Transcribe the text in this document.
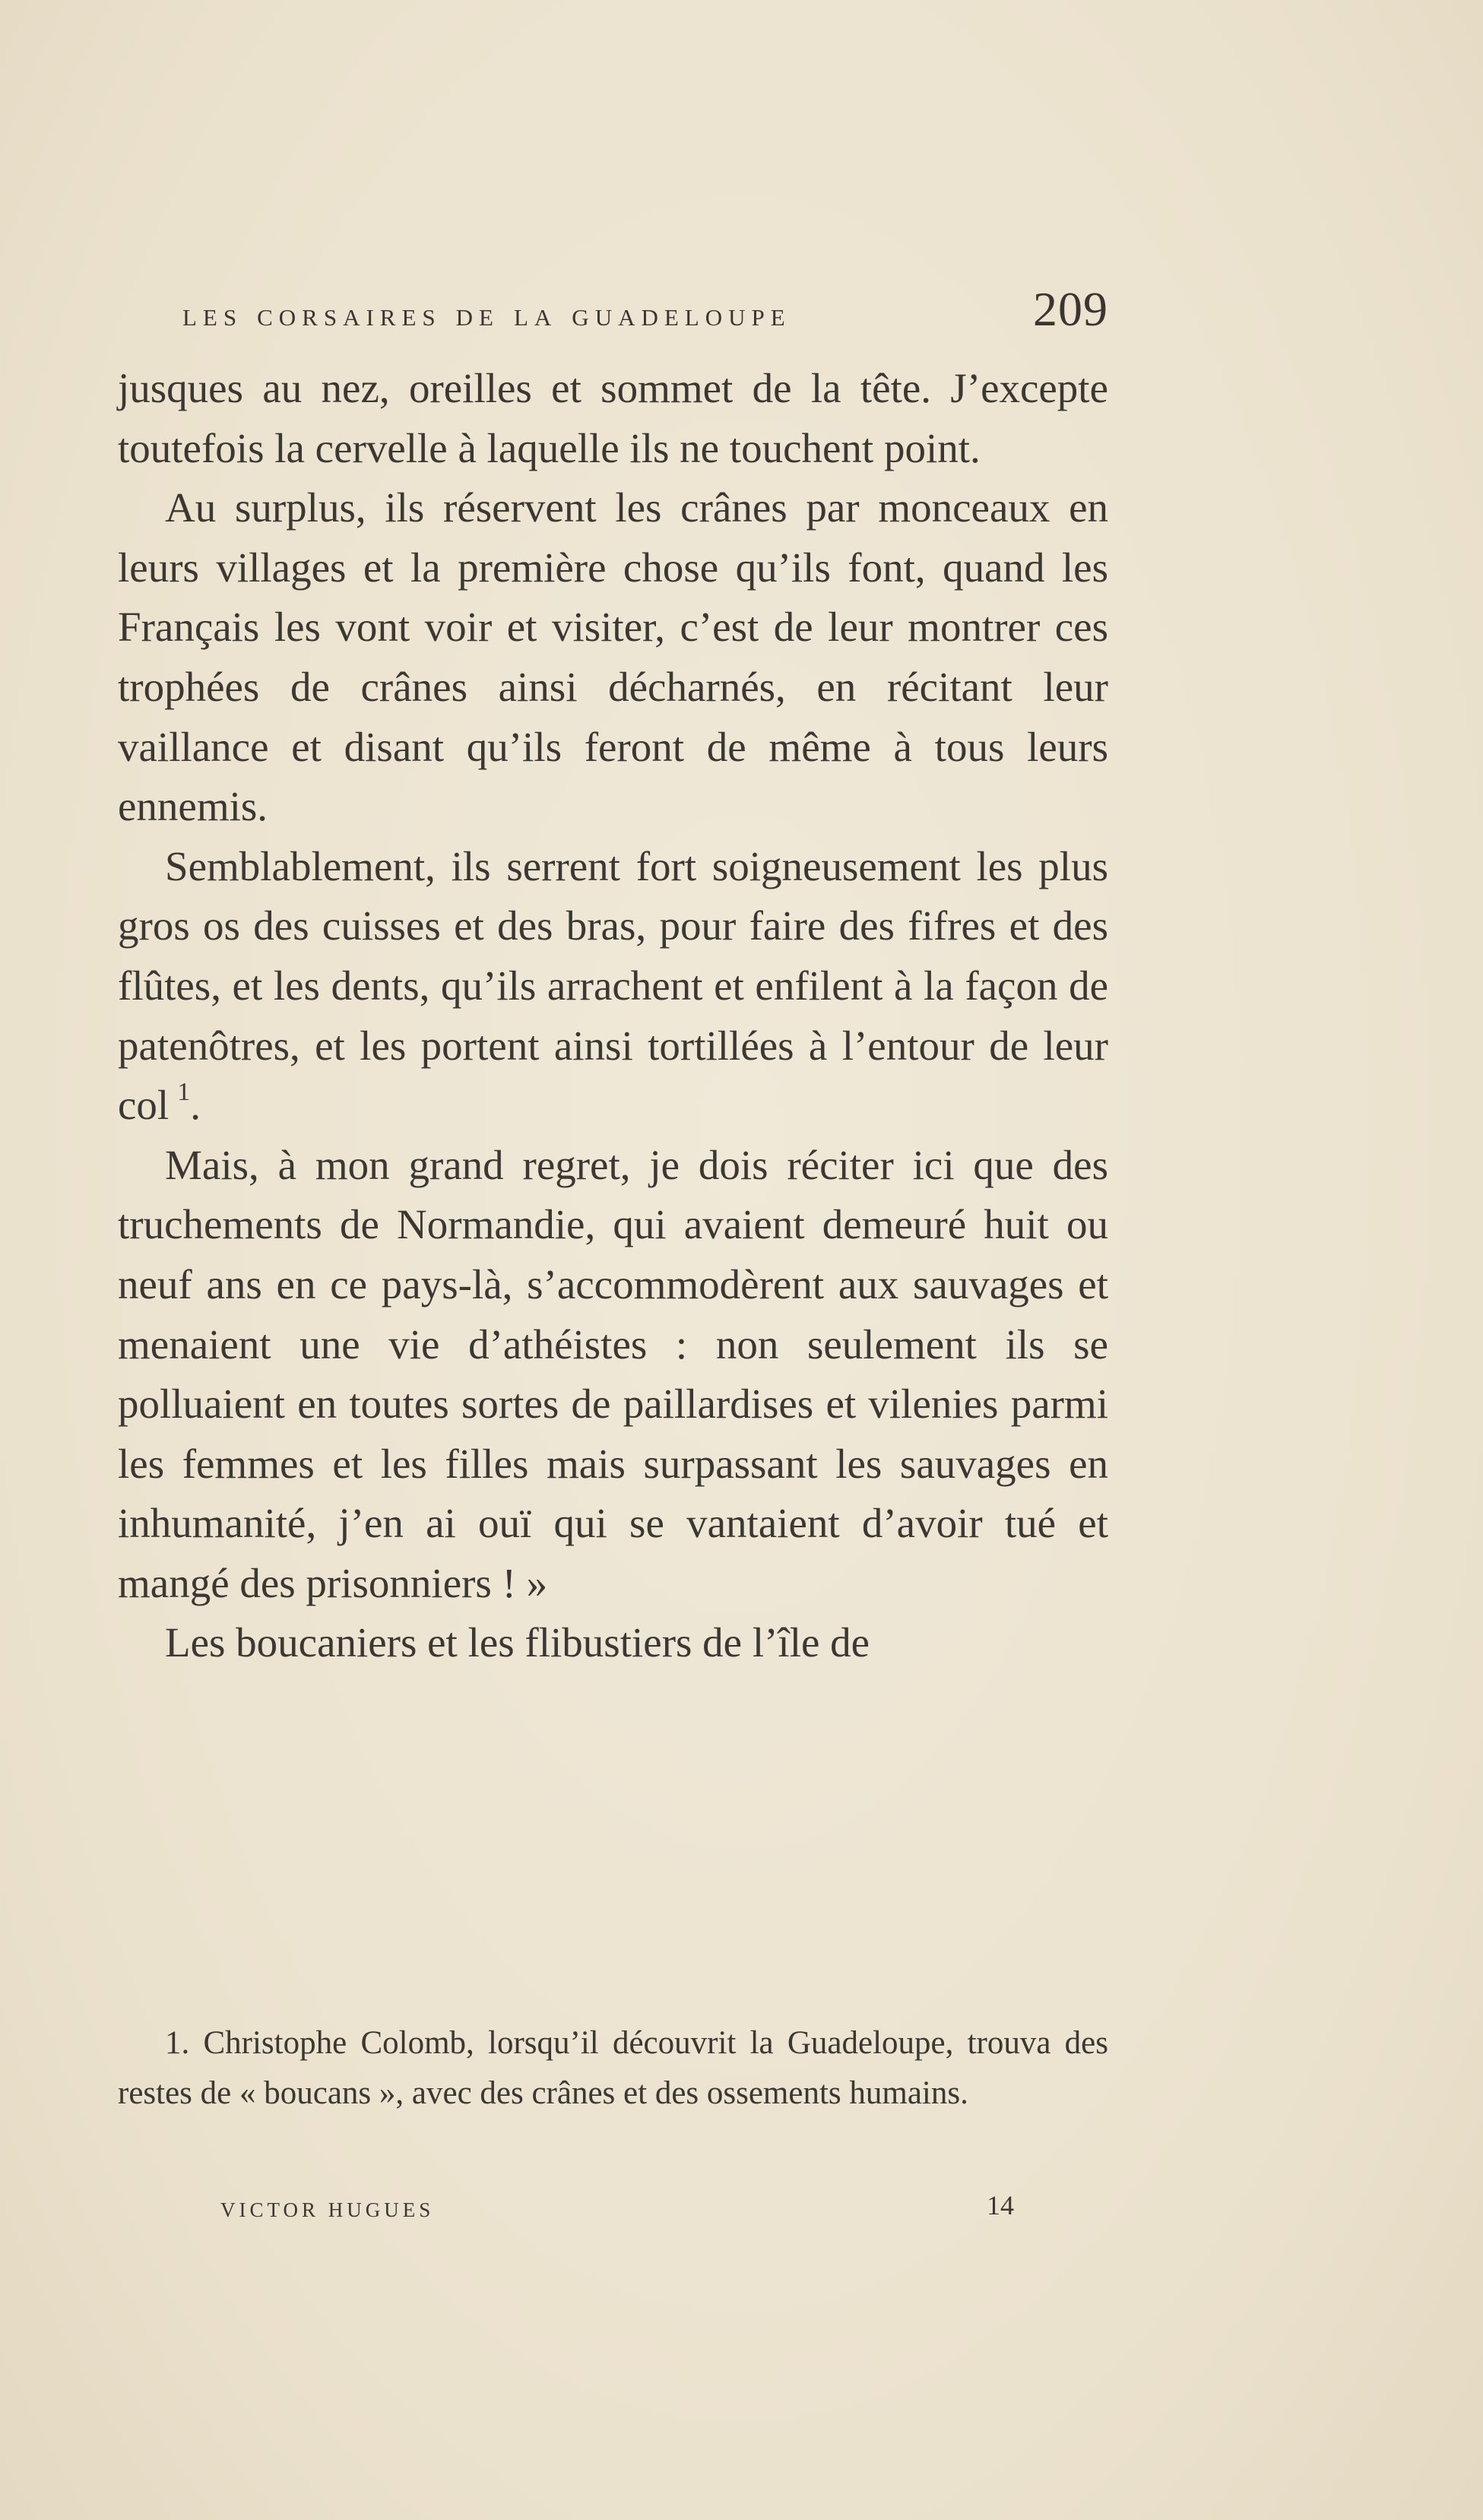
les corsaires de la guadeloupe	209

jusques au nez, oreilles et sommet de la tête. J’excepte toutefois la cervelle à laquelle ils ne touchent point.

Au surplus, ils réservent les crânes par monceaux en leurs villages et la première chose qu’ils font, quand les Français les vont voir et visiter, c’est de leur montrer ces trophées de crânes ainsi décharnés, en récitant leur vaillance et disant qu’ils feront de même à tous leurs ennemis.

Semblablement, ils serrent fort soigneusement les plus gros os des cuisses et des bras, pour faire des fifres et des flûtes, et les dents, qu’ils arrachent et enfilent à la façon de patenôtres, et les portent ainsi tortillées à l’entour de leur col  $^1$.

Mais, à mon grand regret, je dois réciter ici que des truchements de Normandie, qui avaient demeuré huit ou neuf ans en ce pays-là, s’accommodèrent aux sauvages et menaient une vie d’athéistes : non seulement ils se polluaient en toutes sortes de paillardises et vilenies parmi les femmes et les filles mais surpassant les sauvages en inhumanité, j’en ai ouï qui se vantaient d’avoir tué et mangé des prisonniers ! »

Les boucaniers et les flibustiers de l’île de

1. Christophe Colomb, lorsqu’il découvrit la Guadeloupe, trouva des restes de « boucans », avec des crânes et des ossements humains.

VICTOR HUGUES	14
